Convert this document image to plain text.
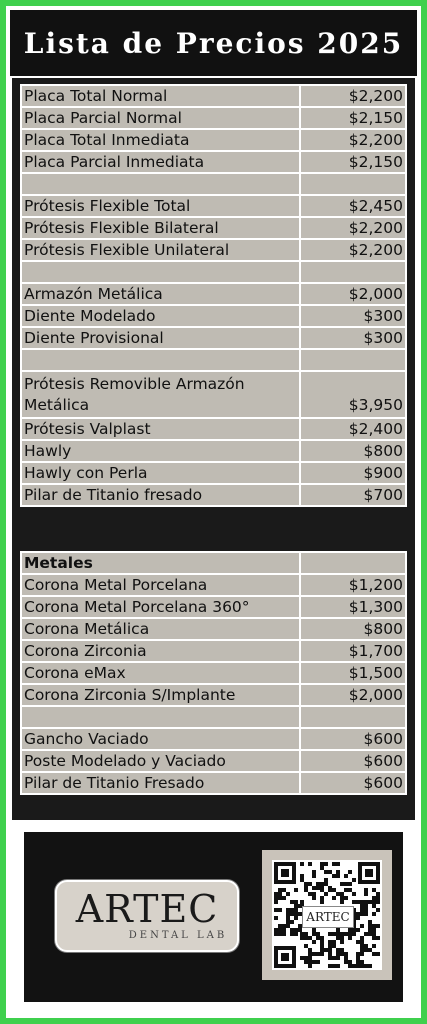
Lista de Precios 2025
Placa Total Normal	$2,200
Placa Parcial Normal	$2,150
Placa Total Inmediata	$2,200
Placa Parcial Inmediata	$2,150

Prótesis Flexible Total	$2,450
Prótesis Flexible Bilateral	$2,200
Prótesis Flexible Unilateral	$2,200

Armazón Metálica	$2,000
Diente Modelado	$300
Diente Provisional	$300

Prótesis Removible Armazón Metálica	$3,950
Prótesis Valplast	$2,400
Hawly	$800
Hawly con Perla	$900
Pilar de Titanio fresado	$700
Metales	
Corona Metal Porcelana	$1,200
Corona Metal Porcelana 360°	$1,300
Corona Metálica	$800
Corona Zirconia	$1,700
Corona eMax	$1,500
Corona Zirconia S/Implante	$2,000

Gancho Vaciado	$600
Poste Modelado y Vaciado	$600
Pilar de Titanio Fresado	$600
ARTEC
DENTAL LAB
ARTEC
